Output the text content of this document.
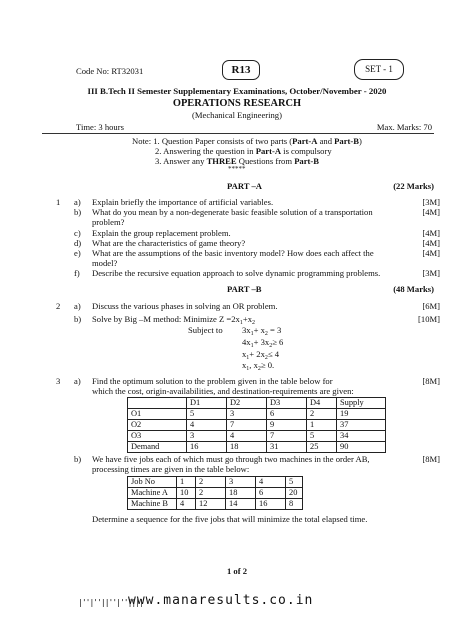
Code No: RT32031	R13	SET - 1
III B.Tech II Semester Supplementary Examinations, October/November - 2020
OPERATIONS RESEARCH
(Mechanical Engineering)
Time: 3 hours	Max. Marks: 70
Note: 1. Question Paper consists of two parts (Part-A and Part-B)
2. Answering the question in Part-A is compulsory
3. Answer any THREE Questions from Part-B
*****
PART –A	(22 Marks)
1 a) Explain briefly the importance of artificial variables.	[3M]
b) What do you mean by a non-degenerate basic feasible solution of a transportation
problem?
[4M]
c) Explain the group replacement problem.	[4M]
d) What are the characteristics of game theory?	[4M]
e) What are the assumptions of the basic inventory model? How does each affect the
model?
[4M]
f) Describe the recursive equation approach to solve dynamic programming problems.	[3M]
PART –B	(48 Marks)
2 a) Discuss the various phases in solving an OR problem.	[6M]
b) Solve by Big –M method: Minimize $Z =2x_1+x_2$	[10M]
Subject to $3x_1+ x_2 = 3$
$4x_1+ 3x_2\ge 6$
$x_1+ 2x_2\le 4$
$x_1$, $x_2\ge 0$.
3 a) Find the optimum solution to the problem given in the table below for
which the cost, origin-availabilities, and destination-requirements are given:
[8M]
	D1	D2	D3	D4	Supply
O1	5	3	6	2	19
O2	4	7	9	1	37
O3	3	4	7	5	34
Demand	16	18	31	25	90
b) We have five jobs each of which must go through two machines in the order AB,
processing times are given in the table below:
[8M]
Job No	1	2	3	4	5
Machine A	10	2	18	6	20
Machine B	4	12	14	16	8
Determine a sequence for the five jobs that will minimize the total elapsed time.
1 of 2
|''|''||''|''||||
www.manaresults.co.in
